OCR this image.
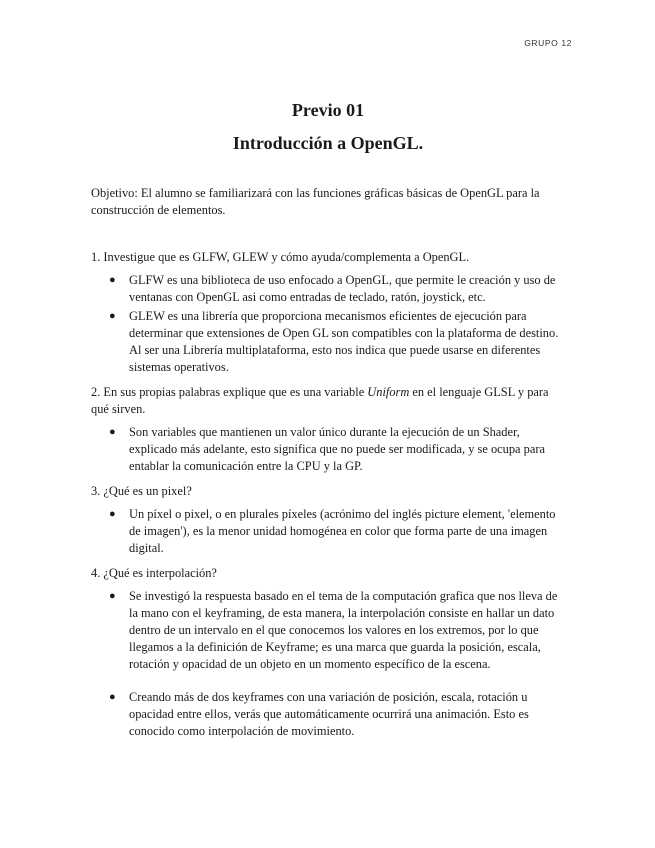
GRUPO 12
Previo 01
Introducción a OpenGL.

Objetivo: El alumno se familiarizará con las funciones gráficas básicas de OpenGL para la construcción de elementos.

1. Investigue que es GLFW, GLEW y cómo ayuda/complementa a OpenGL.

● GLFW es una biblioteca de uso enfocado a OpenGL, que permite le creación y uso de ventanas con OpenGL asi como entradas de teclado, ratón, joystick, etc.
● GLEW es una librería que proporciona mecanismos eficientes de ejecución para determinar que extensiones de Open GL son compatibles con la plataforma de destino. Al ser una Librería multiplataforma, esto nos indica que puede usarse en diferentes sistemas operativos.

2. En sus propias palabras explique que es una variable Uniform en el lenguaje GLSL y para qué sirven.

● Son variables que mantienen un valor único durante la ejecución de un Shader, explicado más adelante, esto significa que no puede ser modificada, y se ocupa para entablar la comunicación entre la CPU y la GP.

3. ¿Qué es un pixel?

● Un píxel o pixel, o en plurales píxeles (acrónimo del inglés picture element, 'elemento de imagen'), es la menor unidad homogénea en color que forma parte de una imagen digital.

4. ¿Qué es interpolación?

● Se investigó la respuesta basado en el tema de la computación grafica que nos lleva de la mano con el keyframing, de esta manera, la interpolación consiste en hallar un dato dentro de un intervalo en el que conocemos los valores en los extremos, por lo que llegamos a la definición de Keyframe; es una marca que guarda la posición, escala, rotación y opacidad de un objeto en un momento específico de la escena.
● Creando más de dos keyframes con una variación de posición, escala, rotación u opacidad entre ellos, verás que automáticamente ocurrirá una animación. Esto es conocido como interpolación de movimiento.
